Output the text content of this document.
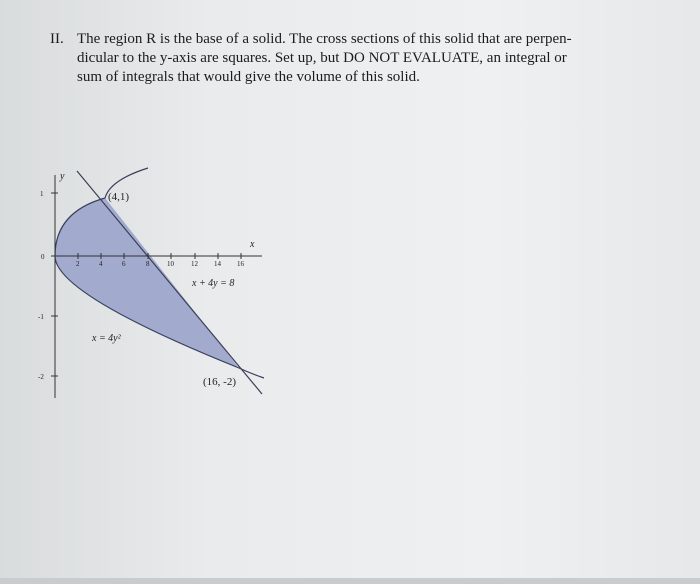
II. The region R is the base of a solid. The cross sections of this solid that are perpen-
dicular to the y-axis are squares. Set up, but DO NOT EVALUATE, an integral or
sum of integrals that would give the volume of this solid.
y
x
1
0
-1
-2
2	4	6	8	10 12 14 16
(4,1)
(16, -2)
x + 4y = 8
x = 4y²
